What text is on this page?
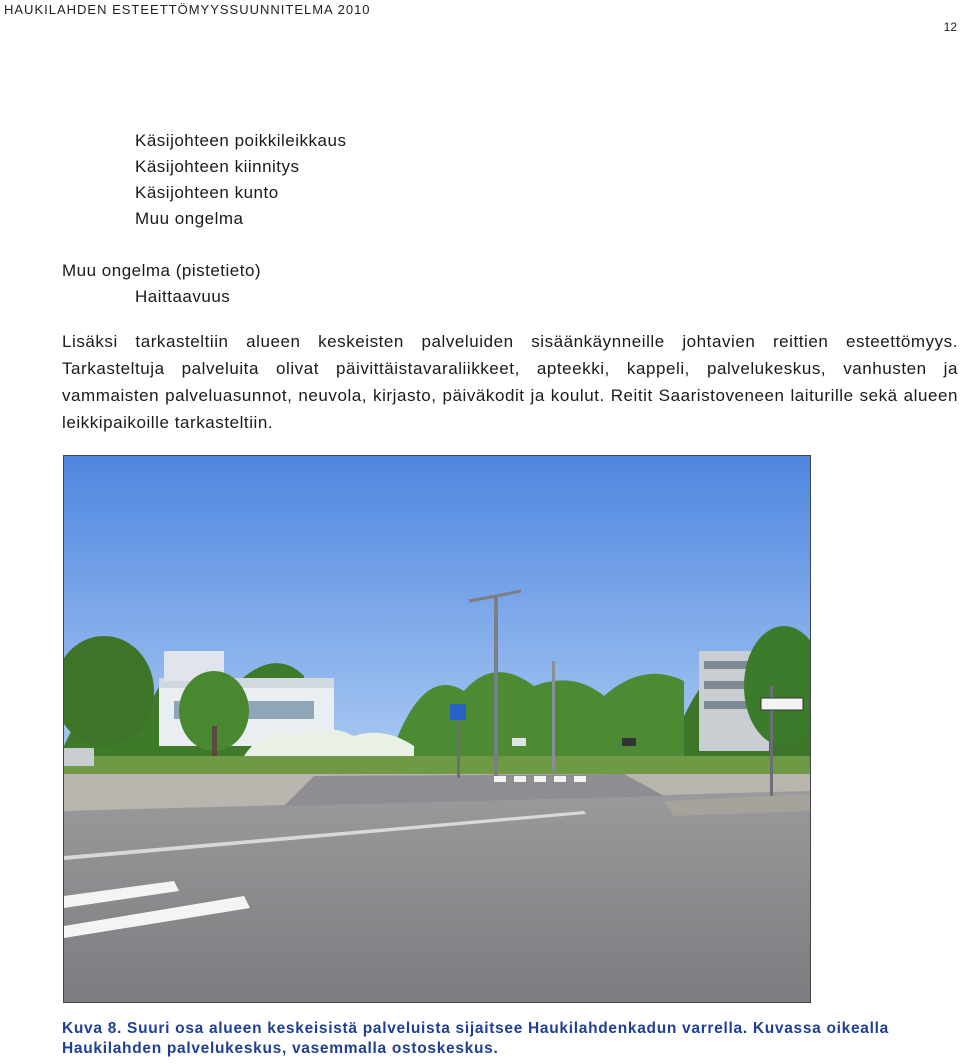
HAUKILAHDEN ESTEETTÖMYYSSUUNNITELMA 2010
12
Käsijohteen poikkileikkaus
Käsijohteen kiinnitys
Käsijohteen kunto
Muu ongelma
Muu ongelma (pistetieto)
Haittaavuus

Lisäksi tarkasteltiin alueen keskeisten palveluiden sisäänkäynneille johtavien reittien esteettömyys. Tarkasteltuja palveluita olivat päivittäistavaraliikkeet, apteekki, kappeli, palvelukeskus, vanhusten ja vammaisten palveluasunnot, neuvola, kirjasto, päiväkodit ja koulut. Reitit Saaristoveneen laiturille sekä alueen leikkipaikoille tarkasteltiin.

Kuva 8. Suuri osa alueen keskeisistä palveluista sijaitsee Haukilahdenkadun varrella. Kuvassa oikealla Haukilahden palvelukeskus, vasemmalla ostoskeskus.
